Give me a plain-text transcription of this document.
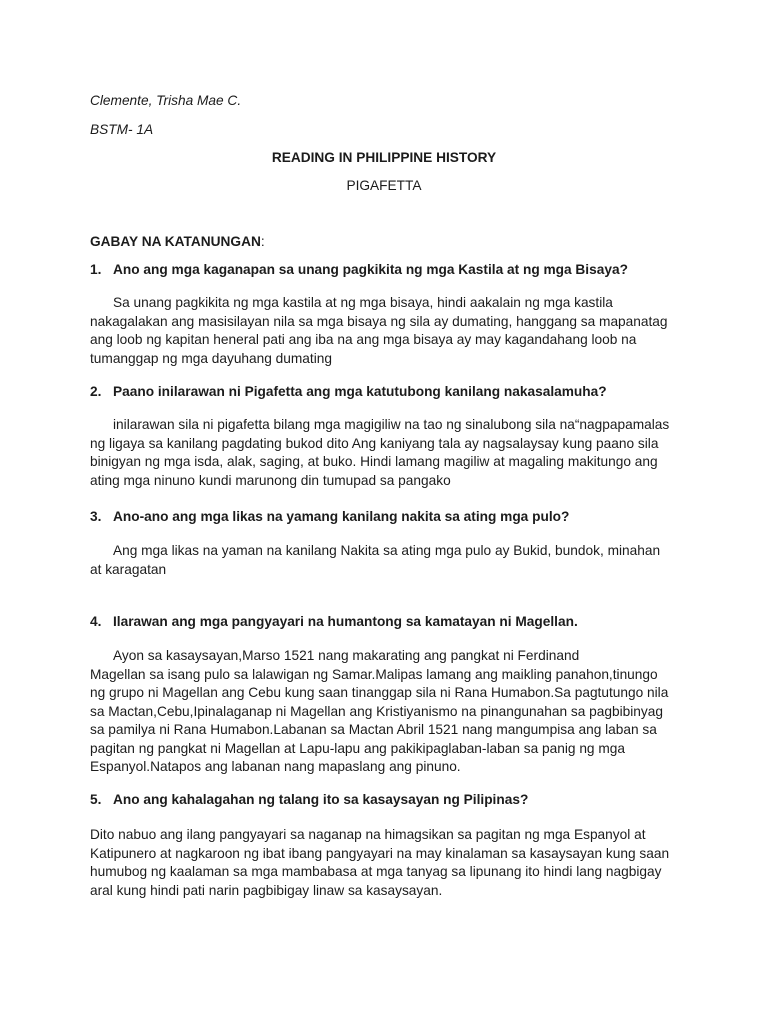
Clemente, Trisha Mae C.
BSTM- 1A
READING IN PHILIPPINE HISTORY
PIGAFETTA
GABAY NA KATANUNGAN:
1. Ano ang mga kaganapan sa unang pagkikita ng mga Kastila at ng mga Bisaya?
Sa unang pagkikita ng mga kastila at ng mga bisaya, hindi aakalain ng mga kastila
nakagalakan ang masisilayan nila sa mga bisaya ng sila ay dumating, hanggang sa mapanatag
ang loob ng kapitan heneral pati ang iba na ang mga bisaya ay may kagandahang loob na
tumanggap ng mga dayuhang dumating
2. Paano inilarawan ni Pigafetta ang mga katutubong kanilang nakasalamuha?
inilarawan sila ni pigafetta bilang mga magigiliw na tao ng sinalubong sila na“nagpapamalas
ng ligaya sa kanilang pagdating bukod dito Ang kaniyang tala ay nagsalaysay kung paano sila
binigyan ng mga isda, alak, saging, at buko. Hindi lamang magiliw at magaling makitungo ang
ating mga ninuno kundi marunong din tumupad sa pangako
3. Ano-ano ang mga likas na yamang kanilang nakita sa ating mga pulo?
Ang mga likas na yaman na kanilang Nakita sa ating mga pulo ay Bukid, bundok, minahan
at karagatan
4. Ilarawan ang mga pangyayari na humantong sa kamatayan ni Magellan.
Ayon sa kasaysayan,Marso 1521 nang makarating ang pangkat ni Ferdinand
Magellan sa isang pulo sa lalawigan ng Samar.Malipas lamang ang maikling panahon,tinungo
ng grupo ni Magellan ang Cebu kung saan tinanggap sila ni Rana Humabon.Sa pagtutungo nila
sa Mactan,Cebu,Ipinalaganap ni Magellan ang Kristiyanismo na pinangunahan sa pagbibinyag
sa pamilya ni Rana Humabon.Labanan sa Mactan Abril 1521 nang mangumpisa ang laban sa
pagitan ng pangkat ni Magellan at Lapu-lapu ang pakikipaglaban-laban sa panig ng mga
Espanyol.Natapos ang labanan nang mapaslang ang pinuno.
5. Ano ang kahalagahan ng talang ito sa kasaysayan ng Pilipinas?
Dito nabuo ang ilang pangyayari sa naganap na himagsikan sa pagitan ng mga Espanyol at
Katipunero at nagkaroon ng ibat ibang pangyayari na may kinalaman sa kasaysayan kung saan
humubog ng kaalaman sa mga mambabasa at mga tanyag sa lipunang ito hindi lang nagbigay
aral kung hindi pati narin pagbibigay linaw sa kasaysayan.
